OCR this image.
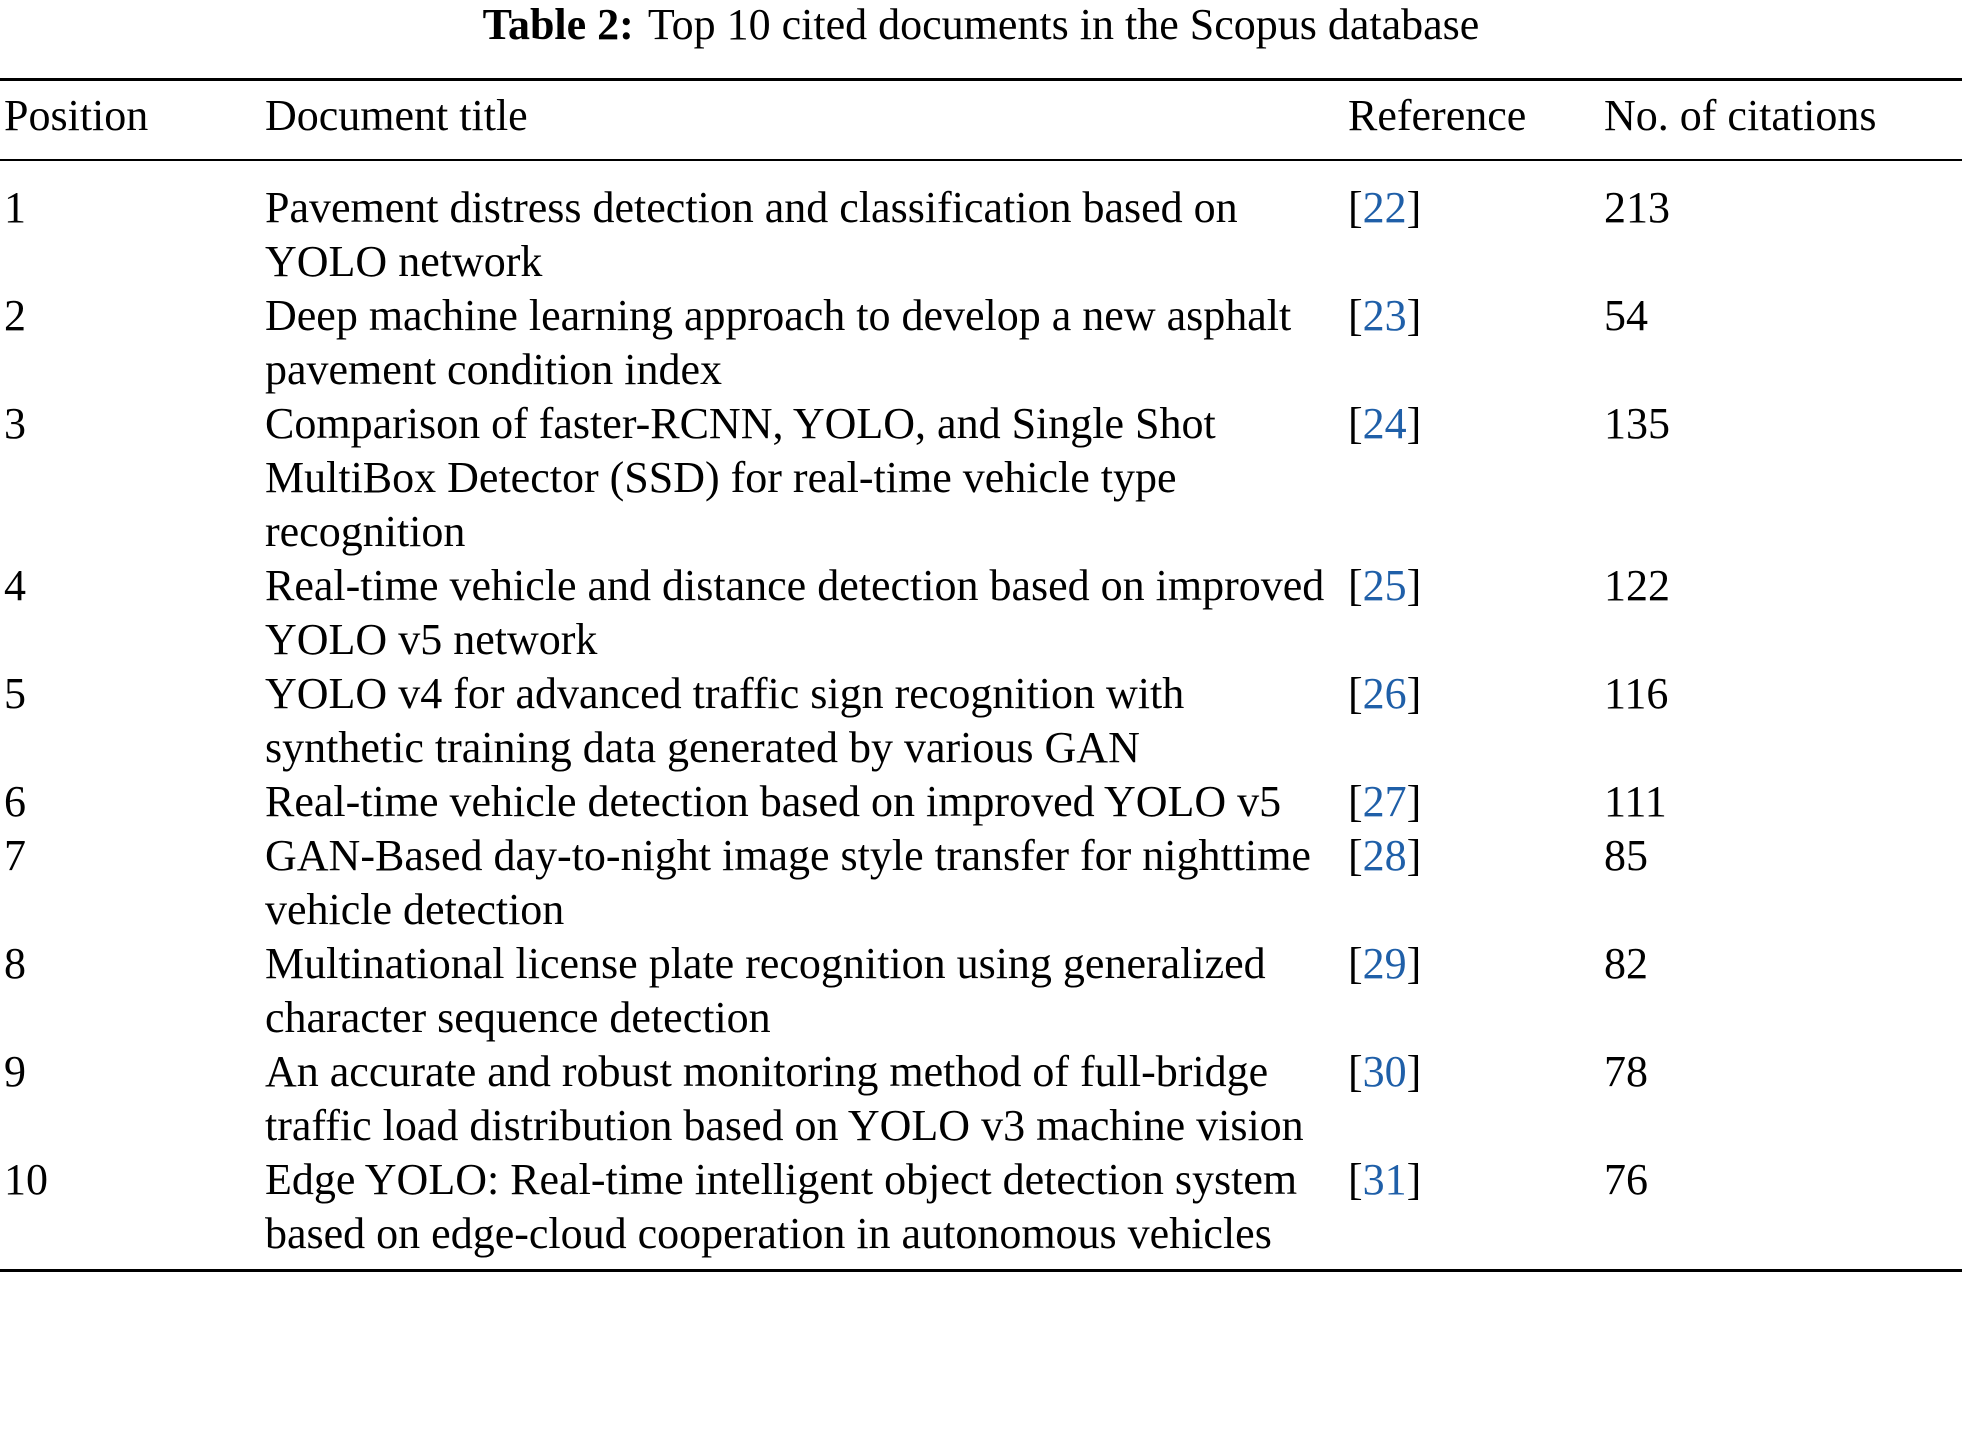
Table 2: Top 10 cited documents in the Scopus database
Position	Document title	Reference	No. of citations
1	Pavement distress detection and classification based on YOLO network	[22]	213
2	Deep machine learning approach to develop a new asphalt pavement condition index	[23]	54
3	Comparison of faster-RCNN, YOLO, and Single Shot MultiBox Detector (SSD) for real-time vehicle type recognition	[24]	135
4	Real-time vehicle and distance detection based on improved YOLO v5 network	[25]	122
5	YOLO v4 for advanced traffic sign recognition with synthetic training data generated by various GAN	[26]	116
6	Real-time vehicle detection based on improved YOLO v5	[27]	111
7	GAN-Based day-to-night image style transfer for nighttime vehicle detection	[28]	85
8	Multinational license plate recognition using generalized character sequence detection	[29]	82
9	An accurate and robust monitoring method of full-bridge traffic load distribution based on YOLO v3 machine vision	[30]	78
10	Edge YOLO: Real-time intelligent object detection system based on edge-cloud cooperation in autonomous vehicles	[31]	76
